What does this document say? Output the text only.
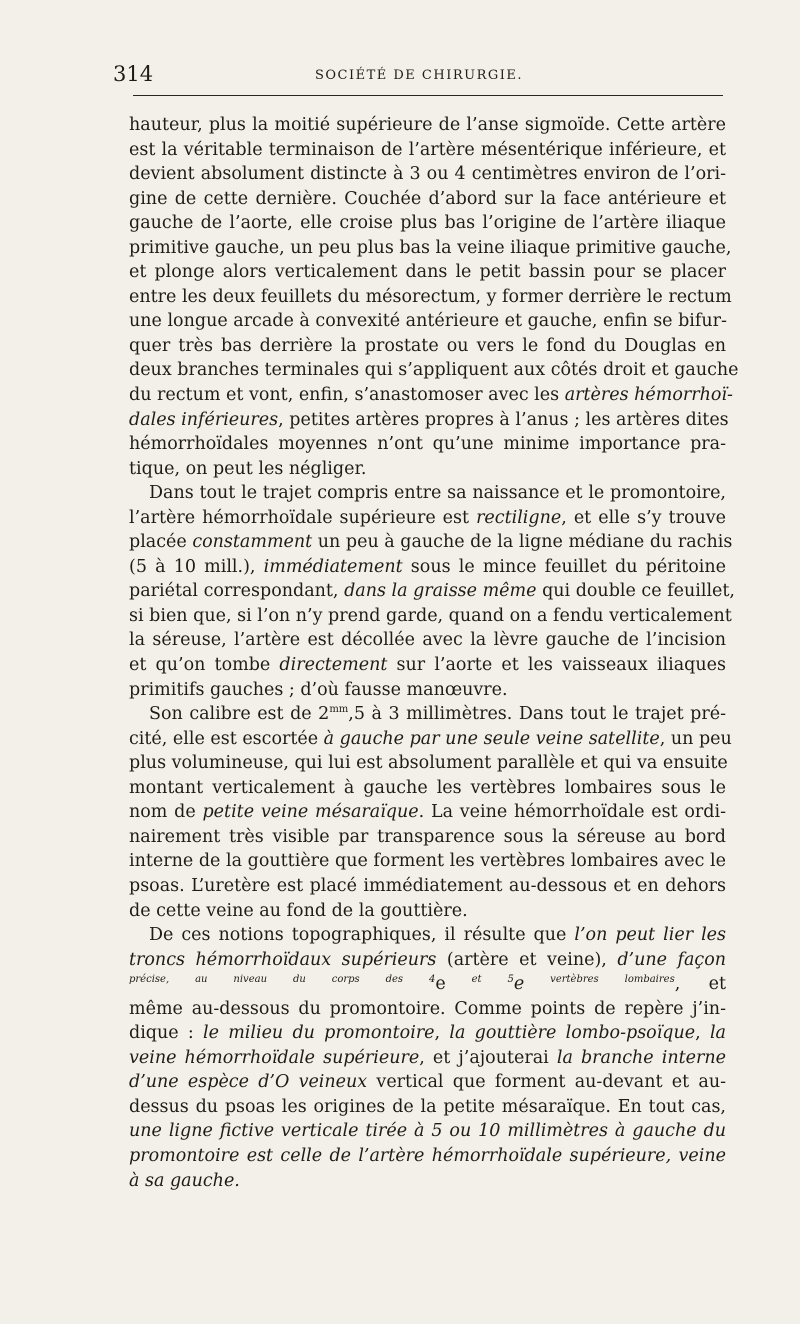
314	SOCIÉTÉ DE CHIRURGIE.

hauteur, plus la moitié supérieure de l’anse sigmoïde. Cette artère
est la véritable terminaison de l’artère mésentérique inférieure, et
devient absolument distincte à 3 ou 4 centimètres environ de l’ori-
gine de cette dernière. Couchée d’abord sur la face antérieure et
gauche de l’aorte, elle croise plus bas l’origine de l’artère iliaque
primitive gauche, un peu plus bas la veine iliaque primitive gauche,
et plonge alors verticalement dans le petit bassin pour se placer
entre les deux feuillets du mésorectum, y former derrière le rectum
une longue arcade à convexité antérieure et gauche, enfin se bifur-
quer très bas derrière la prostate ou vers le fond du Douglas en
deux branches terminales qui s’appliquent aux côtés droit et gauche
du rectum et vont, enfin, s’anastomoser avec les artères hémorrhoï-
dales inférieures, petites artères propres à l’anus ; les artères dites
hémorrhoïdales moyennes n’ont qu’une minime importance pra-
tique, on peut les négliger.

Dans tout le trajet compris entre sa naissance et le promontoire,
l’artère hémorrhoïdale supérieure est rectiligne, et elle s’y trouve
placée constamment un peu à gauche de la ligne médiane du rachis
(5 à 10 mill.), immédiatement sous le mince feuillet du péritoine
pariétal correspondant, dans la graisse même qui double ce feuillet,
si bien que, si l’on n’y prend garde, quand on a fendu verticalement
la séreuse, l’artère est décollée avec la lèvre gauche de l’incision
et qu’on tombe directement sur l’aorte et les vaisseaux iliaques
primitifs gauches ; d’où fausse manœuvre.

Son calibre est de $2^{mm},5$ à 3 millimètres. Dans tout le trajet pré-
cité, elle est escortée à gauche par une seule veine satellite, un peu
plus volumineuse, qui lui est absolument parallèle et qui va ensuite
montant verticalement à gauche les vertèbres lombaires sous le
nom de petite veine mésaraïque. La veine hémorrhoïdale est ordi-
nairement très visible par transparence sous la séreuse au bord
interne de la gouttière que forment les vertèbres lombaires avec le
psoas. L’uretère est placé immédiatement au-dessous et en dehors
de cette veine au fond de la gouttière.

De ces notions topographiques, il résulte que l’on peut lier les
troncs hémorrhoïdaux supérieurs (artère et veine), d’une façon
$^{précise, au niveau du corps des 4}$e $^{et 5}$e $^{vertèbres lombaires}$, et
même au-dessous du promontoire. Comme points de repère j’in-
dique : le milieu du promontoire, la gouttière lombo-psoïque, la
veine hémorrhoïdale supérieure, et j’ajouterai la branche interne
d’une espèce d’O veineux vertical que forment au-devant et au-
dessus du psoas les origines de la petite mésaraïque. En tout cas,
une ligne fictive verticale tirée à 5 ou 10 millimètres à gauche du
promontoire est celle de l’artère hémorrhoïdale supérieure, veine
à sa gauche.
